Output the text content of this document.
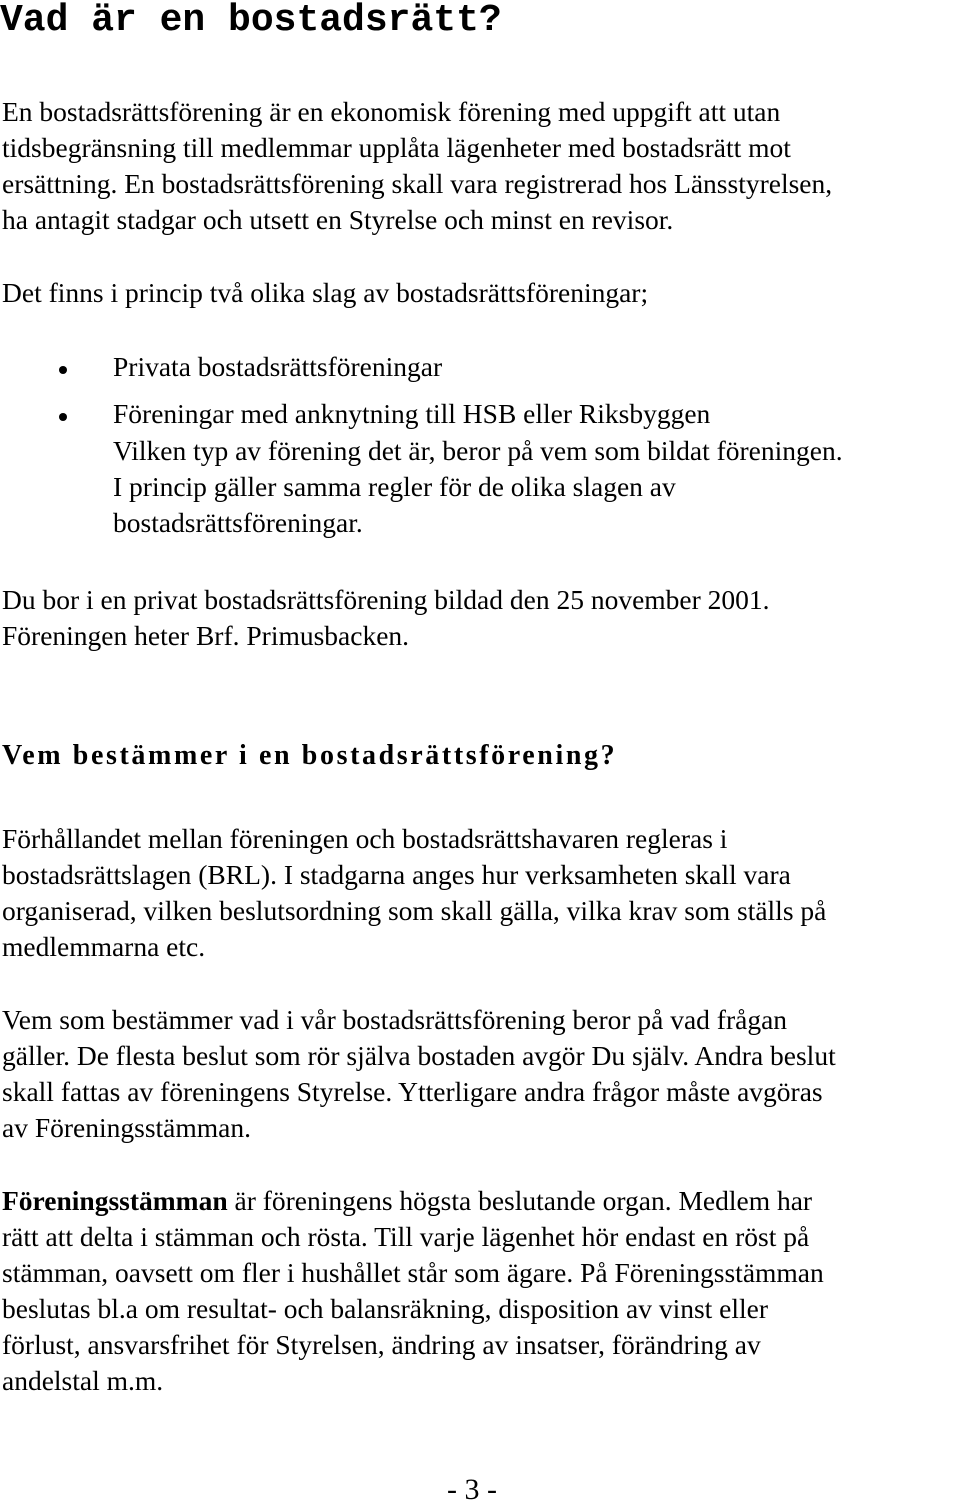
Vad är en bostadsrätt?
En bostadsrättsförening är en ekonomisk förening med uppgift att utan
tidsbegränsning till medlemmar upplåta lägenheter med bostadsrätt mot
ersättning. En bostadsrättsförening skall vara registrerad hos Länsstyrelsen,
ha antagit stadgar och utsett en Styrelse och minst en revisor.
Det finns i princip två olika slag av bostadsrättsföreningar;
Privata bostadsrättsföreningar
Föreningar med anknytning till HSB eller Riksbyggen
Vilken typ av förening det är, beror på vem som bildat föreningen.
I princip gäller samma regler för de olika slagen av
bostadsrättsföreningar.
Du bor i en privat bostadsrättsförening bildad den 25 november 2001.
Föreningen heter Brf. Primusbacken.
Vem bestämmer i en bostadsrättsförening?
Förhållandet mellan föreningen och bostadsrättshavaren regleras i
bostadsrättslagen (BRL). I stadgarna anges hur verksamheten skall vara
organiserad, vilken beslutsordning som skall gälla, vilka krav som ställs på
medlemmarna etc.
Vem som bestämmer vad i vår bostadsrättsförening beror på vad frågan
gäller. De flesta beslut som rör själva bostaden avgör Du själv. Andra beslut
skall fattas av föreningens Styrelse. Ytterligare andra frågor måste avgöras
av Föreningsstämman.
Föreningsstämman är föreningens högsta beslutande organ. Medlem har
rätt att delta i stämman och rösta. Till varje lägenhet hör endast en röst på
stämman, oavsett om fler i hushållet står som ägare. På Föreningsstämman
beslutas bl.a om resultat- och balansräkning, disposition av vinst eller
förlust, ansvarsfrihet för Styrelsen, ändring av insatser, förändring av
andelstal m.m.
- 3 -
